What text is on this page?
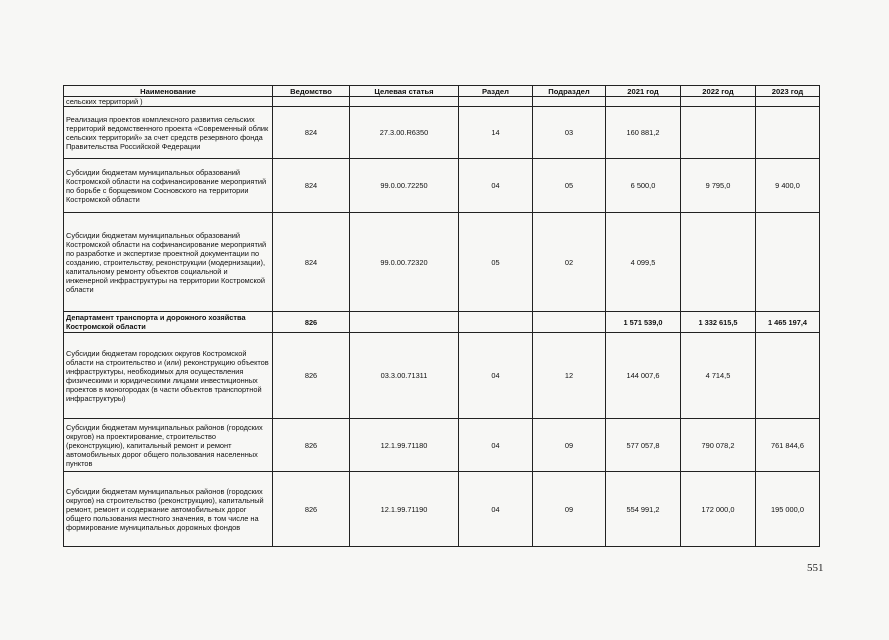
Наименование	Ведомство	Целевая статья	Раздел	Подраздел	2021 год	2022 год	2023 год
сельских территорий )							
Реализация проектов комплексного развития сельских территорий ведомственного проекта «Современный облик сельских территорий» за счет средств резервного фонда Правительства Российской Федерации	824	27.3.00.R6350	14	03	160 881,2		
Субсидии бюджетам муниципальных образований Костромской области на софинансирование мероприятий по борьбе с борщевиком Сосновского на территории Костромской области	824	99.0.00.72250	04	05	6 500,0	9 795,0	9 400,0
Субсидии бюджетам муниципальных образований Костромской области на софинансирование мероприятий по разработке и экспертизе проектной документации по созданию, строительству, реконструкции (модернизации), капитальному ремонту объектов социальной и инженерной инфраструктуры на территории Костромской области	824	99.0.00.72320	05	02	4 099,5		
Департамент транспорта и дорожного хозяйства Костромской области	826				1 571 539,0	1 332 615,5	1 465 197,4
Субсидии бюджетам городских округов Костромской области на строительство и (или) реконструкцию объектов инфраструктуры, необходимых для осуществления физическими и юридическими лицами инвестиционных проектов в моногородах (в части объектов транспортной инфраструктуры)	826	03.3.00.71311	04	12	144 007,6	4 714,5	
Субсидии бюджетам муниципальных районов (городских округов) на проектирование, строительство (реконструкцию), капитальный ремонт и ремонт автомобильных дорог общего пользования населенных пунктов	826	12.1.99.71180	04	09	577 057,8	790 078,2	761 844,6
Субсидии бюджетам муниципальных районов (городских округов) на строительство (реконструкцию), капитальный ремонт, ремонт и содержание автомобильных дорог общего пользования местного значения, в том числе на формирование муниципальных дорожных фондов	826	12.1.99.71190	04	09	554 991,2	172 000,0	195 000,0
551
